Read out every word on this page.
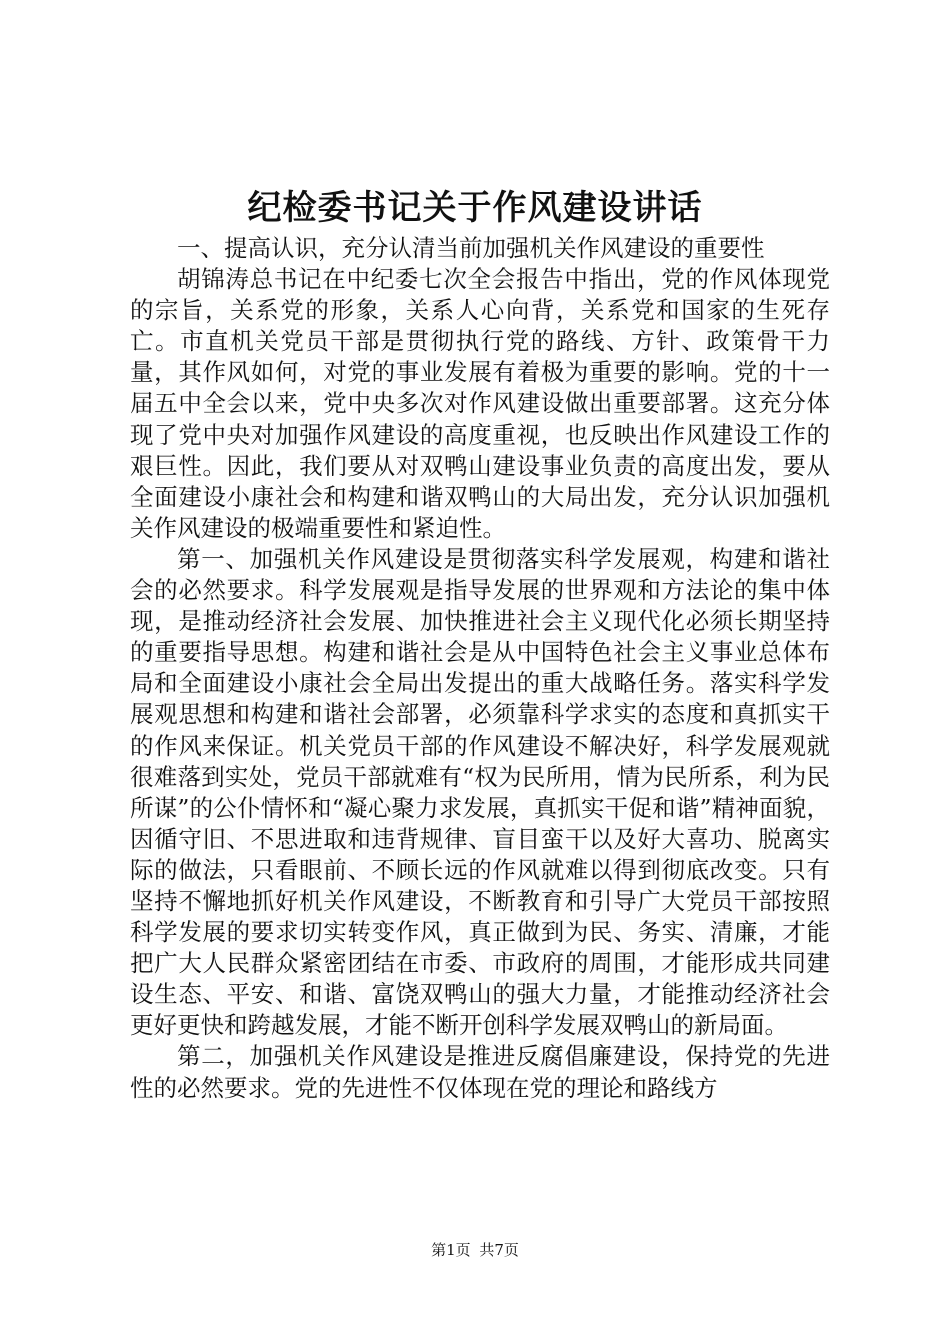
纪检委书记关于作风建设讲话

一、提高认识，充分认清当前加强机关作风建设的重要性

胡锦涛总书记在中纪委七次全会报告中指出，党的作风体现党的宗旨，关系党的形象，关系人心向背，关系党和国家的生死存亡。市直机关党员干部是贯彻执行党的路线、方针、政策骨干力量，其作风如何，对党的事业发展有着极为重要的影响。党的十一届五中全会以来，党中央多次对作风建设做出重要部署。这充分体现了党中央对加强作风建设的高度重视，也反映出作风建设工作的艰巨性。因此，我们要从对双鸭山建设事业负责的高度出发，要从全面建设小康社会和构建和谐双鸭山的大局出发，充分认识加强机关作风建设的极端重要性和紧迫性。

第一、加强机关作风建设是贯彻落实科学发展观，构建和谐社会的必然要求。科学发展观是指导发展的世界观和方法论的集中体现，是推动经济社会发展、加快推进社会主义现代化必须长期坚持的重要指导思想。构建和谐社会是从中国特色社会主义事业总体布局和全面建设小康社会全局出发提出的重大战略任务。落实科学发展观思想和构建和谐社会部署，必须靠科学求实的态度和真抓实干的作风来保证。机关党员干部的作风建设不解决好，科学发展观就很难落到实处，党员干部就难有“权为民所用，情为民所系，利为民所谋”的公仆情怀和“凝心聚力求发展，真抓实干促和谐”精神面貌，因循守旧、不思进取和违背规律、盲目蛮干以及好大喜功、脱离实际的做法，只看眼前、不顾长远的作风就难以得到彻底改变。只有坚持不懈地抓好机关作风建设，不断教育和引导广大党员干部按照科学发展的要求切实转变作风，真正做到为民、务实、清廉，才能把广大人民群众紧密团结在市委、市政府的周围，才能形成共同建设生态、平安、和谐、富饶双鸭山的强大力量，才能推动经济社会更好更快和跨越发展，才能不断开创科学发展双鸭山的新局面。

第二，加强机关作风建设是推进反腐倡廉建设，保持党的先进性的必然要求。党的先进性不仅体现在党的理论和路线方

第1页 共7页
